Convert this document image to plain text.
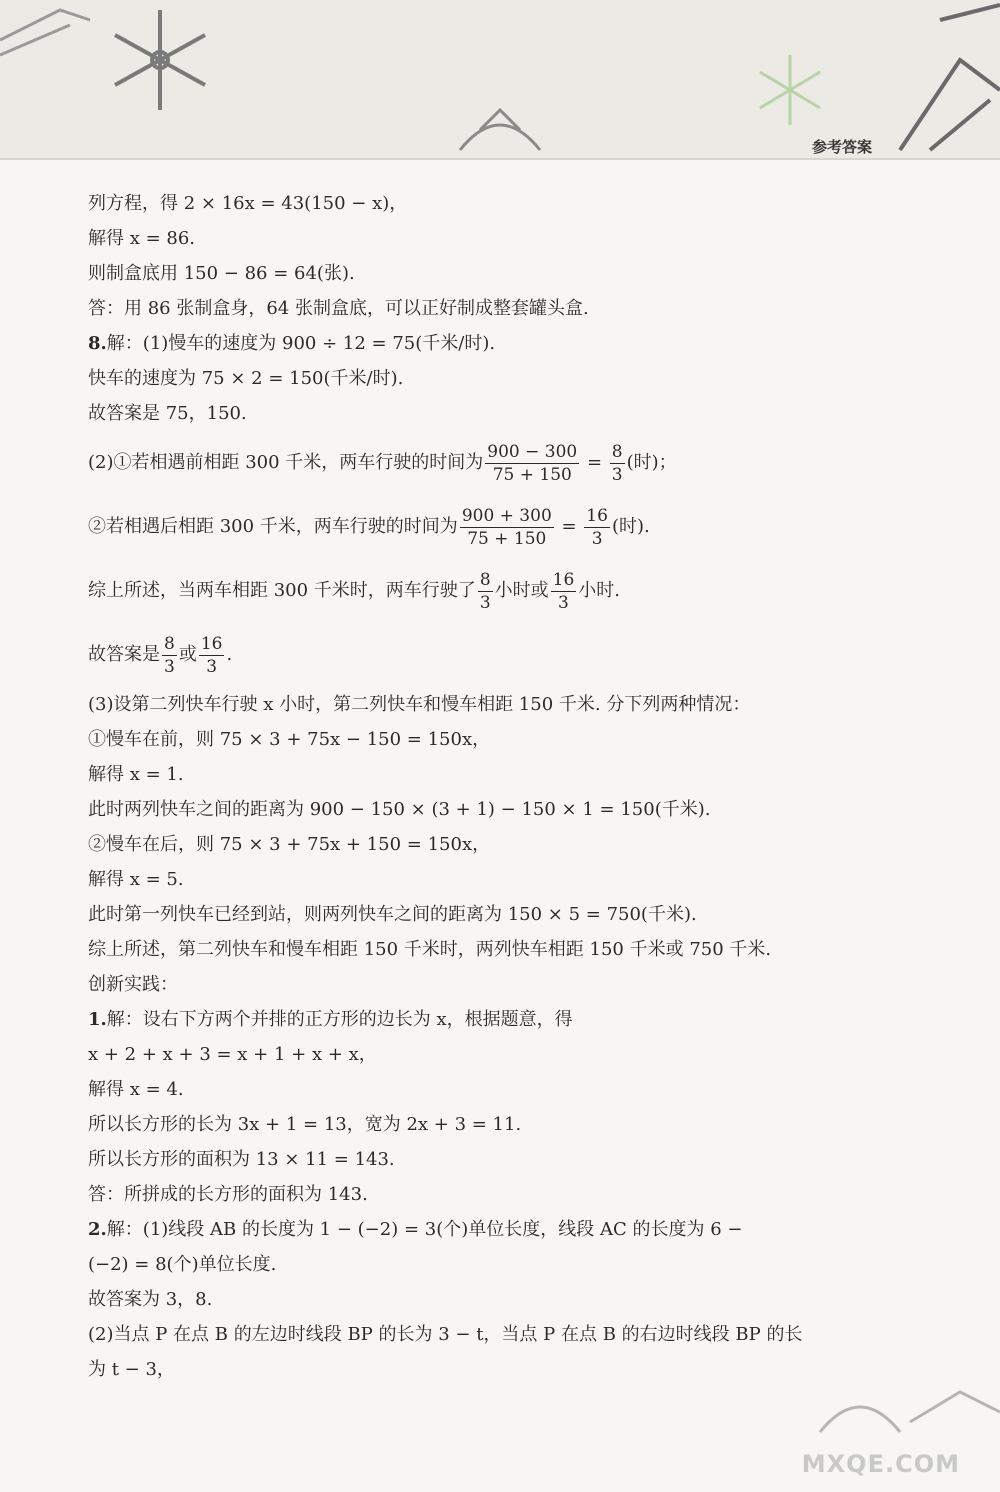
参考答案
列方程，得 2 × 16x = 43(150 − x)，
解得 x = 86.
则制盒底用 150 − 86 = 64(张).
答：用 86 张制盒身，64 张制盒底，可以正好制成整套罐头盒.
8.解：(1)慢车的速度为 900 ÷ 12 = 75(千米/时).
快车的速度为 75 × 2 = 150(千米/时).
故答案是 75，150.
(2)①若相遇前相距 300 千米，两车行驶的时间为 $\frac{900 - 300}{75 + 150} = \frac{8}{3}$ (时)；
②若相遇后相距 300 千米，两车行驶的时间为 $\frac{900 + 300}{75 + 150} = \frac{16}{3}$ (时).
综上所述，当两车相距 300 千米时，两车行驶了 $\frac{8}{3}$ 小时或 $\frac{16}{3}$ 小时.
故答案是 $\frac{8}{3}$ 或 $\frac{16}{3}$ .
(3)设第二列快车行驶 x 小时，第二列快车和慢车相距 150 千米. 分下列两种情况：
①慢车在前，则 75 × 3 + 75x − 150 = 150x，
解得 x = 1.
此时两列快车之间的距离为 900 − 150 × (3 + 1) − 150 × 1 = 150(千米).
②慢车在后，则 75 × 3 + 75x + 150 = 150x，
解得 x = 5.
此时第一列快车已经到站，则两列快车之间的距离为 150 × 5 = 750(千米).
综上所述，第二列快车和慢车相距 150 千米时，两列快车相距 150 千米或 750 千米.
创新实践：
1.解：设右下方两个并排的正方形的边长为 x，根据题意，得
x + 2 + x + 3 = x + 1 + x + x，
解得 x = 4.
所以长方形的长为 3x + 1 = 13，宽为 2x + 3 = 11.
所以长方形的面积为 13 × 11 = 143.
答：所拼成的长方形的面积为 143.
2.解：(1)线段 AB 的长度为 1 − (−2) = 3(个)单位长度，线段 AC 的长度为 6 −
(−2) = 8(个)单位长度.
故答案为 3，8.
(2)当点 P 在点 B 的左边时线段 BP 的长为 3 − t，当点 P 在点 B 的右边时线段 BP 的长
为 t − 3，
MXQE.COM
